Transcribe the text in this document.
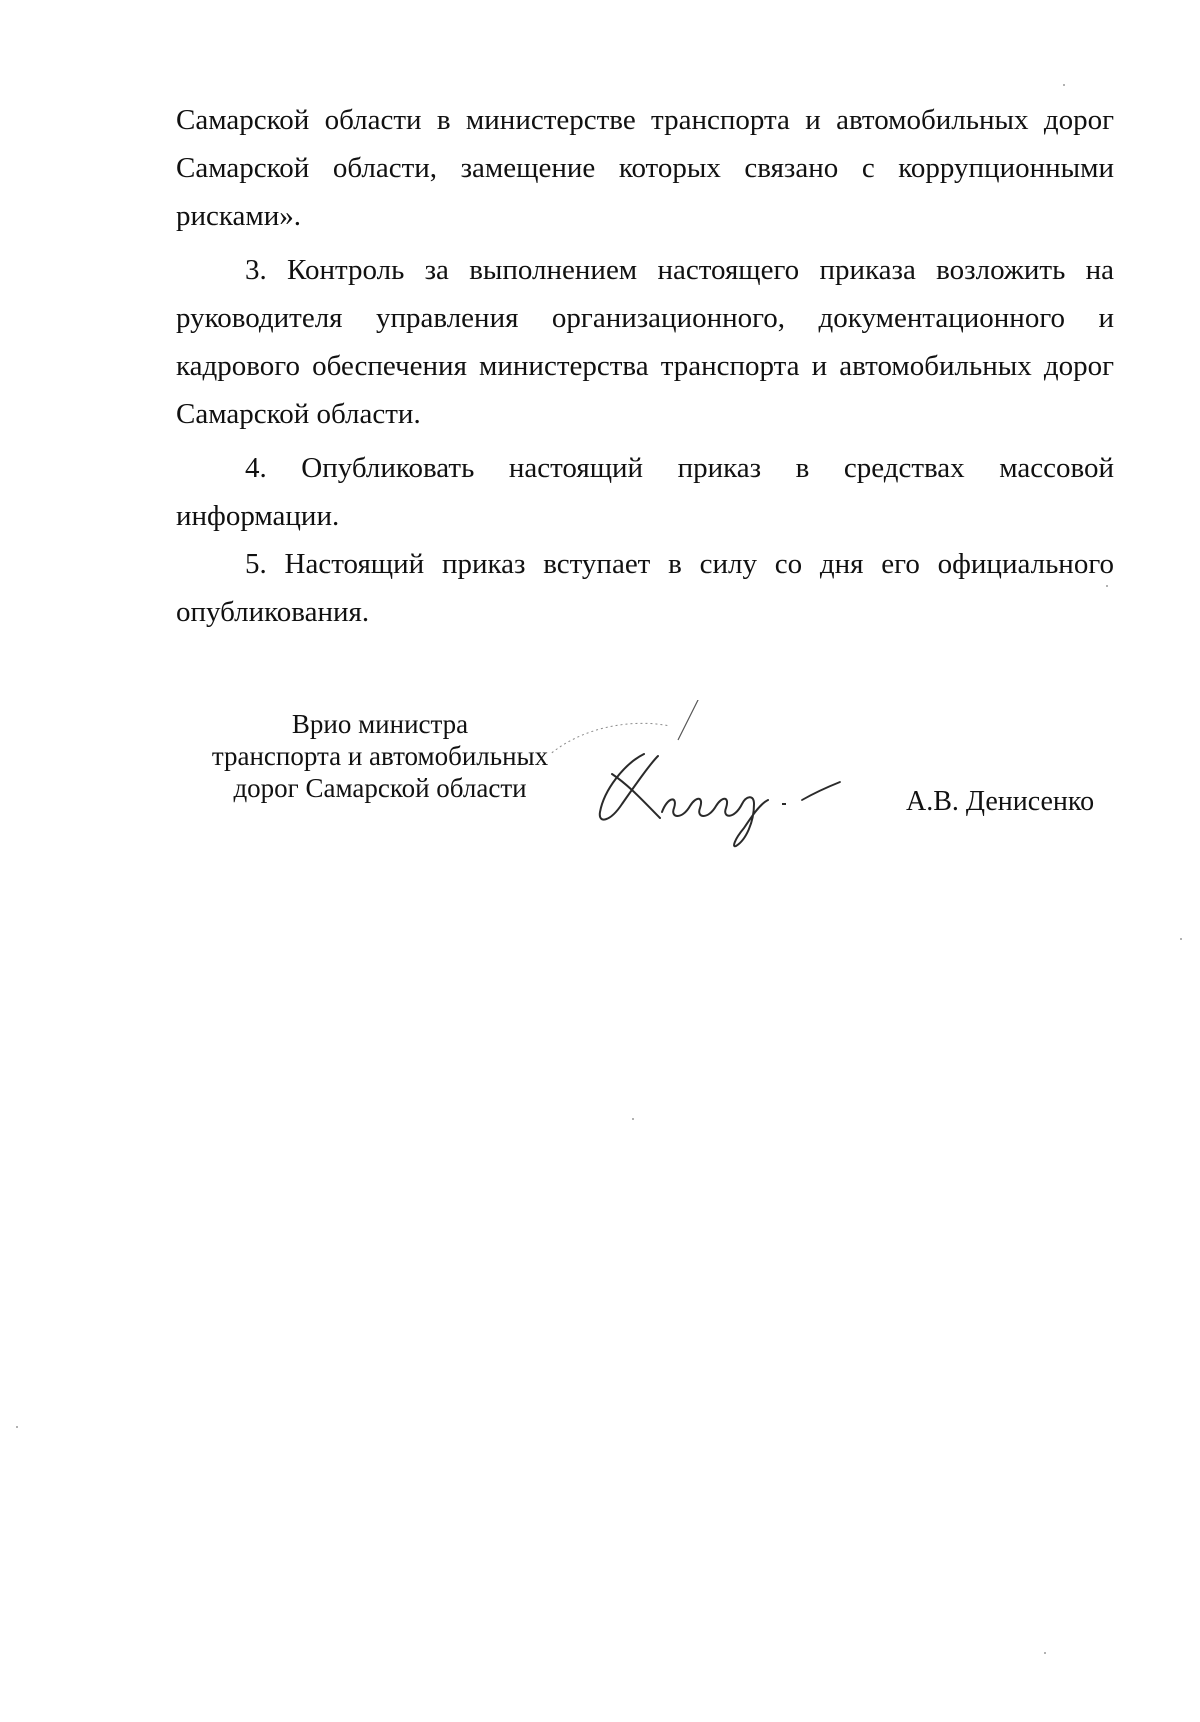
Самарской области в министерстве транспорта и автомобильных дорог Самарской области, замещение которых связано с коррупционными рисками».

3. Контроль за выполнением настоящего приказа возложить на руководителя управления организационного, документационного и кадрового обеспечения министерства транспорта и автомобильных дорог Самарской области.

4. Опубликовать настоящий приказ в средствах массовой информации.

5. Настоящий приказ вступает в силу со дня его официального опубликования.

Врио министра
транспорта и автомобильных
дорог Самарской области	А.В. Денисенко
